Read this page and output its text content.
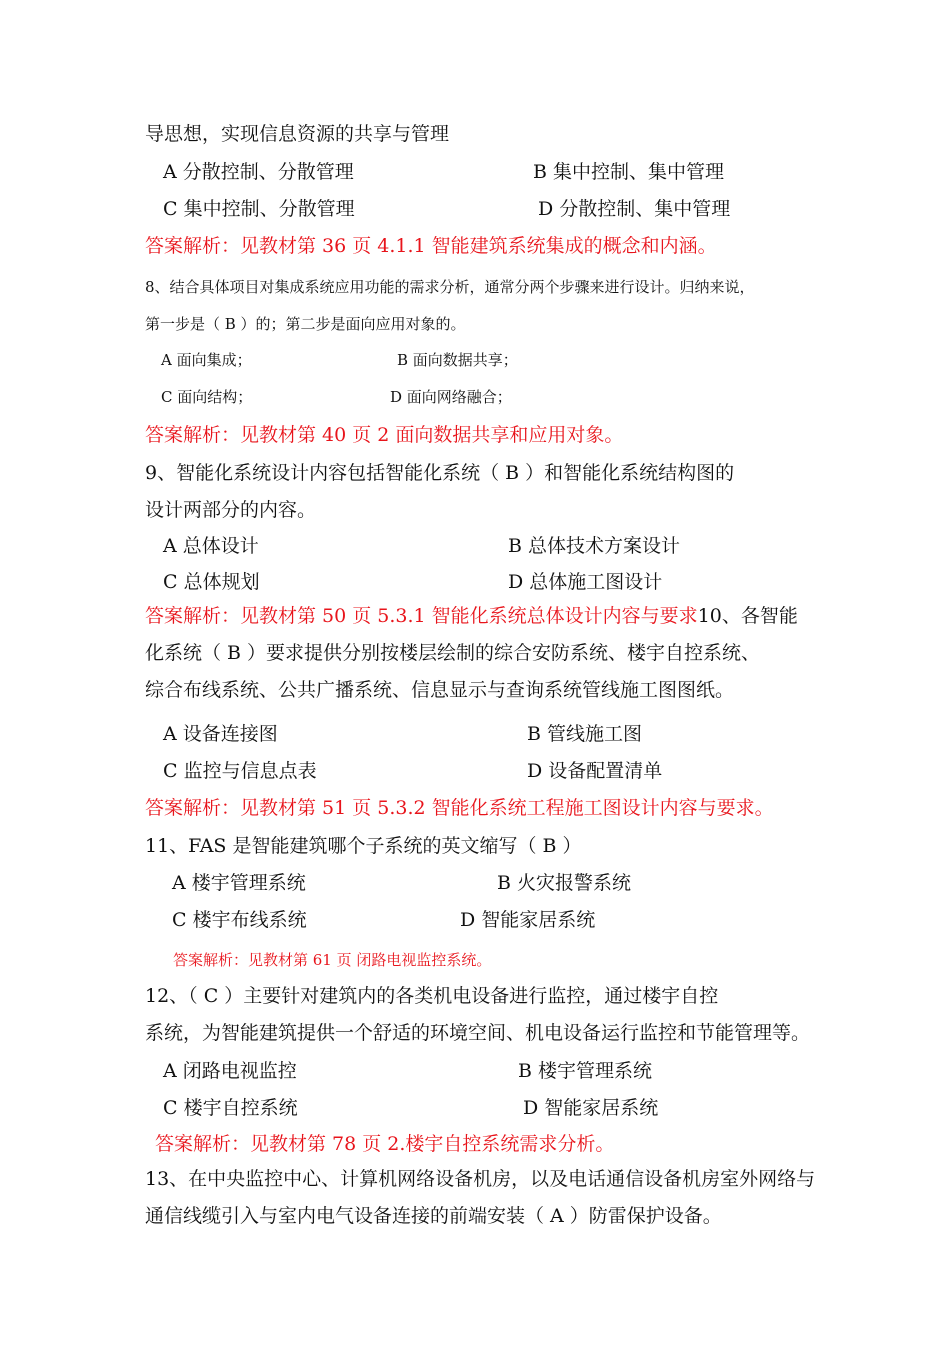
导思想，实现信息资源的共享与管理
A 分散控制、分散管理	B 集中控制、集中管理
C 集中控制、分散管理	D 分散控制、集中管理
答案解析：见教材第 36 页 4.1.1 智能建筑系统集成的概念和内涵。
8、结合具体项目对集成系统应用功能的需求分析，通常分两个步骤来进行设计。归纳来说，
第一步是（ B ）的；第二步是面向应用对象的。
A 面向集成；	B 面向数据共享；
C 面向结构；	D 面向网络融合；
答案解析：见教材第 40 页 2 面向数据共享和应用对象。
9、智能化系统设计内容包括智能化系统（ B ）和智能化系统结构图的
设计两部分的内容。
A 总体设计	B 总体技术方案设计
C 总体规划	D 总体施工图设计
答案解析：见教材第 50 页 5.3.1 智能化系统总体设计内容与要求10、各智能
化系统（ B ）要求提供分别按楼层绘制的综合安防系统、楼宇自控系统、
综合布线系统、公共广播系统、信息显示与查询系统管线施工图图纸。
A 设备连接图	B 管线施工图
C 监控与信息点表	D 设备配置清单
答案解析：见教材第 51 页 5.3.2 智能化系统工程施工图设计内容与要求。
11、FAS 是智能建筑哪个子系统的英文缩写（ B ）
A 楼宇管理系统	B 火灾报警系统
C 楼宇布线系统	D 智能家居系统
答案解析：见教材第 61 页 闭路电视监控系统。
12、（ C ）主要针对建筑内的各类机电设备进行监控，通过楼宇自控
系统，为智能建筑提供一个舒适的环境空间、机电设备运行监控和节能管理等。
A 闭路电视监控	B 楼宇管理系统
C 楼宇自控系统	D 智能家居系统
答案解析：见教材第 78 页 2.楼宇自控系统需求分析。
13、在中央监控中心、计算机网络设备机房，以及电话通信设备机房室外网络与
通信线缆引入与室内电气设备连接的前端安装（ A ）防雷保护设备。
